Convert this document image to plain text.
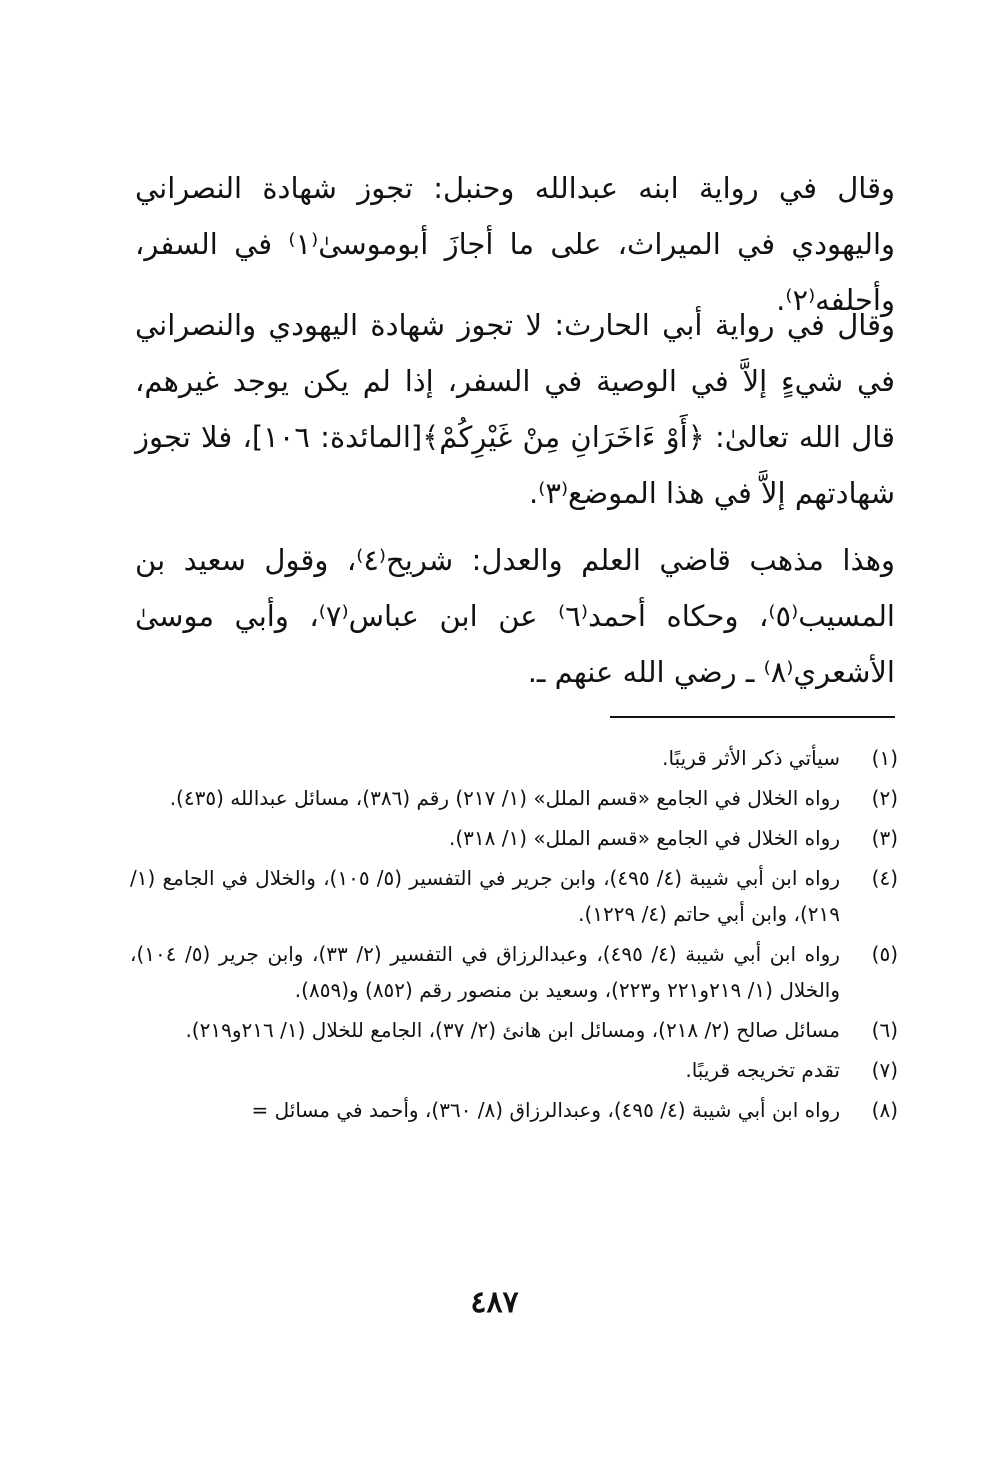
وقال في رواية ابنه عبدالله وحنبل: تجوز شهادة النصراني واليهودي في الميراث، على ما أجازَ أبوموسىٰ⁽١⁾ في السفر، وأحلفه⁽٢⁾.

وقال في رواية أبي الحارث: لا تجوز شهادة اليهودي والنصراني في شيءٍ إلاَّ في الوصية في السفر، إذا لم يكن يوجد غيرهم، قال الله تعالىٰ: ﴿أَوْ ءَاخَرَانِ مِنْ غَيْرِكُمْ﴾[المائدة: ١٠٦]، فلا تجوز شهادتهم إلاَّ في هذا الموضع⁽٣⁾.

وهذا مذهب قاضي العلم والعدل: شريح⁽٤⁾، وقول سعيد بن المسيب⁽٥⁾، وحكاه أحمد⁽٦⁾ عن ابن عباس⁽٧⁾، وأبي موسىٰ الأشعري⁽٨⁾ ـ رضي الله عنهم ـ.

(١)
سيأتي ذكر الأثر قريبًا.
(٢)
رواه الخلال في الجامع «قسم الملل» (١/ ٢١٧) رقم (٣٨٦)، مسائل عبدالله (٤٣٥).
(٣)
رواه الخلال في الجامع «قسم الملل» (١/ ٣١٨).
(٤)
رواه ابن أبي شيبة (٤/ ٤٩٥)، وابن جرير في التفسير (٥/ ١٠٥)، والخلال في الجامع (١/ ٢١٩)، وابن أبي حاتم (٤/ ١٢٢٩).
(٥)
رواه ابن أبي شيبة (٤/ ٤٩٥)، وعبدالرزاق في التفسير (٢/ ٣٣)، وابن جرير (٥/ ١٠٤)، والخلال (١/ ٢١٩و٢٢١ و٢٢٣)، وسعيد بن منصور رقم (٨٥٢) و(٨٥٩).
(٦)
مسائل صالح (٢/ ٢١٨)، ومسائل ابن هانئ (٢/ ٣٧)، الجامع للخلال (١/ ٢١٦و٢١٩).
(٧)
تقدم تخريجه قريبًا.
(٨)
رواه ابن أبي شيبة (٤/ ٤٩٥)، وعبدالرزاق (٨/ ٣٦٠)، وأحمد في مسائل =
٤٨٧
